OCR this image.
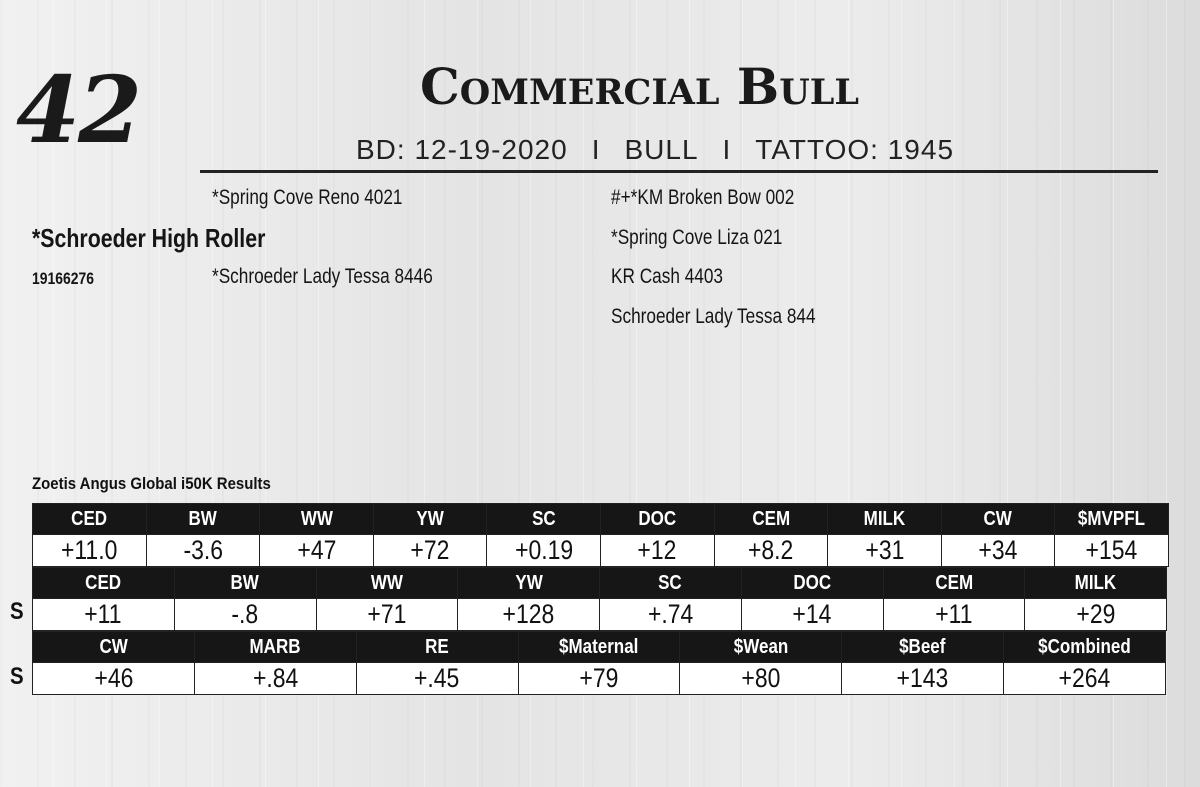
42	Commercial Bull
BD: 12-19-2020 I BULL I TATTOO: 1945
*Spring Cove Reno 4021
*Schroeder High Roller
19166276	*Schroeder Lady Tessa 8446
#+*KM Broken Bow 002
*Spring Cove Liza 021
KR Cash 4403
Schroeder Lady Tessa 844
Zoetis Angus Global i50K Results
CED	BW	WW	YW	SC	DOC	CEM	MILK	CW	$MVPFL
+11.0	-3.6	+47	+72	+0.19	+12	+8.2	+31	+34	+154
S
CED	BW	WW	YW	SC	DOC	CEM	MILK
+11	-.8	+71	+128	+.74	+14	+11	+29
S
CW	MARB	RE	$Maternal	$Wean	$Beef	$Combined
+46	+.84	+.45	+79	+80	+143	+264
